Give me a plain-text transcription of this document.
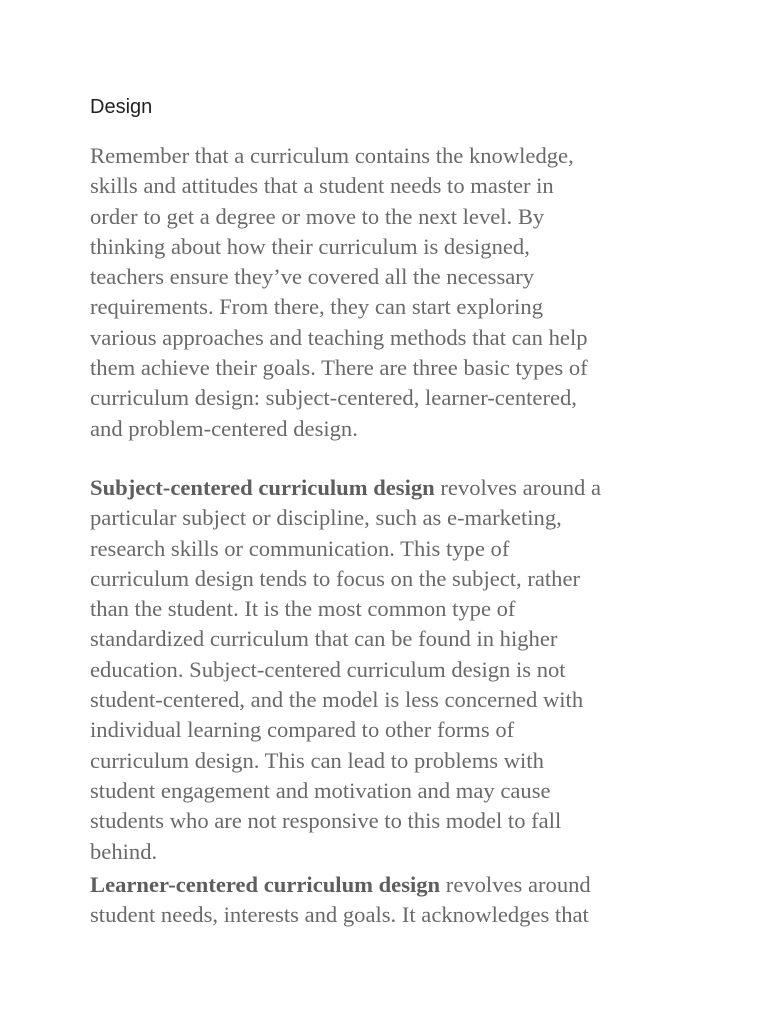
Design

Remember that a curriculum contains the knowledge,
skills and attitudes that a student needs to master in
order to get a degree or move to the next level. By
thinking about how their curriculum is designed,
teachers ensure they’ve covered all the necessary
requirements. From there, they can start exploring
various approaches and teaching methods that can help
them achieve their goals. There are three basic types of
curriculum design: subject-centered, learner-centered,
and problem-centered design.

Subject-centered curriculum design revolves around a
particular subject or discipline, such as e-marketing,
research skills or communication. This type of
curriculum design tends to focus on the subject, rather
than the student. It is the most common type of
standardized curriculum that can be found in higher
education. Subject-centered curriculum design is not
student-centered, and the model is less concerned with
individual learning compared to other forms of
curriculum design. This can lead to problems with
student engagement and motivation and may cause
students who are not responsive to this model to fall
behind.

Learner-centered curriculum design revolves around
student needs, interests and goals. It acknowledges that
